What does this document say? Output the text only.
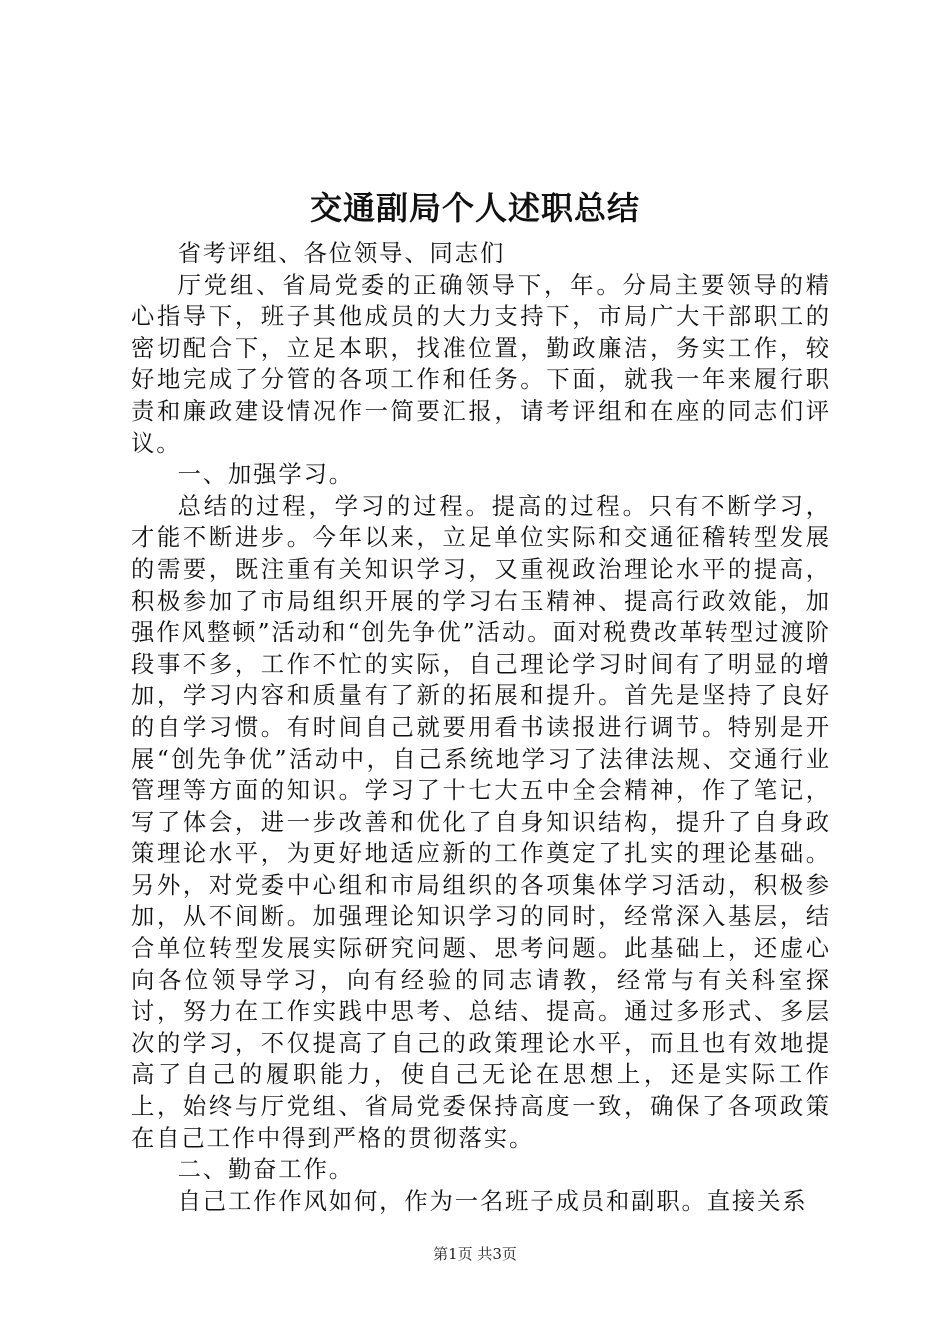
交通副局个人述职总结

省考评组、各位领导、同志们

厅党组、省局党委的正确领导下，年。分局主要领导的精心指导下，班子其他成员的大力支持下，市局广大干部职工的密切配合下，立足本职，找准位置，勤政廉洁，务实工作，较好地完成了分管的各项工作和任务。下面，就我一年来履行职责和廉政建设情况作一简要汇报，请考评组和在座的同志们评议。

一、加强学习。

总结的过程，学习的过程。提高的过程。只有不断学习，才能不断进步。今年以来，立足单位实际和交通征稽转型发展的需要，既注重有关知识学习，又重视政治理论水平的提高，积极参加了市局组织开展的学习右玉精神、提高行政效能，加强作风整顿”活动和“创先争优”活动。面对税费改革转型过渡阶段事不多，工作不忙的实际，自己理论学习时间有了明显的增加，学习内容和质量有了新的拓展和提升。首先是坚持了良好的自学习惯。有时间自己就要用看书读报进行调节。特别是开展“创先争优”活动中，自己系统地学习了法律法规、交通行业管理等方面的知识。学习了十七大五中全会精神，作了笔记，写了体会，进一步改善和优化了自身知识结构，提升了自身政策理论水平，为更好地适应新的工作奠定了扎实的理论基础。另外，对党委中心组和市局组织的各项集体学习活动，积极参加，从不间断。加强理论知识学习的同时，经常深入基层，结合单位转型发展实际研究问题、思考问题。此基础上，还虚心向各位领导学习，向有经验的同志请教，经常与有关科室探讨，努力在工作实践中思考、总结、提高。通过多形式、多层次的学习，不仅提高了自己的政策理论水平，而且也有效地提高了自己的履职能力，使自己无论在思想上，还是实际工作上，始终与厅党组、省局党委保持高度一致，确保了各项政策在自己工作中得到严格的贯彻落实。

二、勤奋工作。

自己工作作风如何，作为一名班子成员和副职。直接关系

第1页 共3页
